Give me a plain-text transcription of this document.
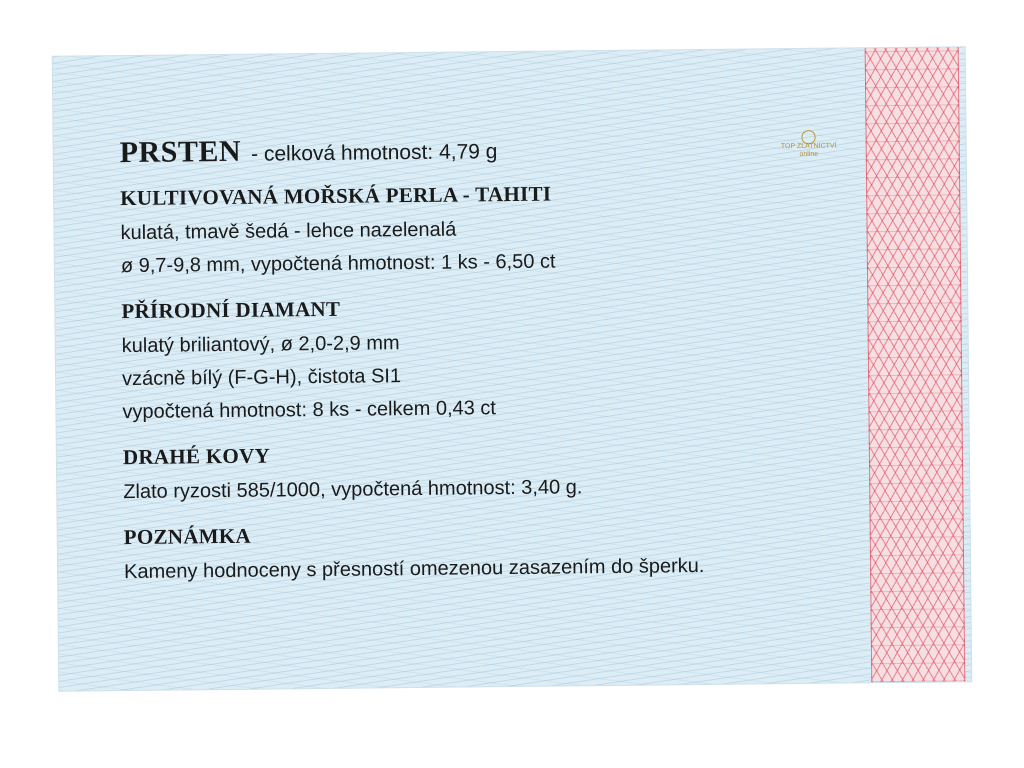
◯
TOP ZLATNICTVÍ
online
PRSTEN - celková hmotnost: 4,79 g
KULTIVOVANÁ MOŘSKÁ PERLA - TAHITI
kulatá, tmavě šedá - lehce nazelenalá
ø 9,7-9,8 mm, vypočtená hmotnost: 1 ks - 6,50 ct
PŘÍRODNÍ DIAMANT
kulatý briliantový, ø 2,0-2,9 mm
vzácně bílý (F-G-H), čistota SI1
vypočtená hmotnost: 8 ks - celkem 0,43 ct
DRAHÉ KOVY
Zlato ryzosti 585/1000, vypočtená hmotnost: 3,40 g.
POZNÁMKA
Kameny hodnoceny s přesností omezenou zasazením do šperku.
